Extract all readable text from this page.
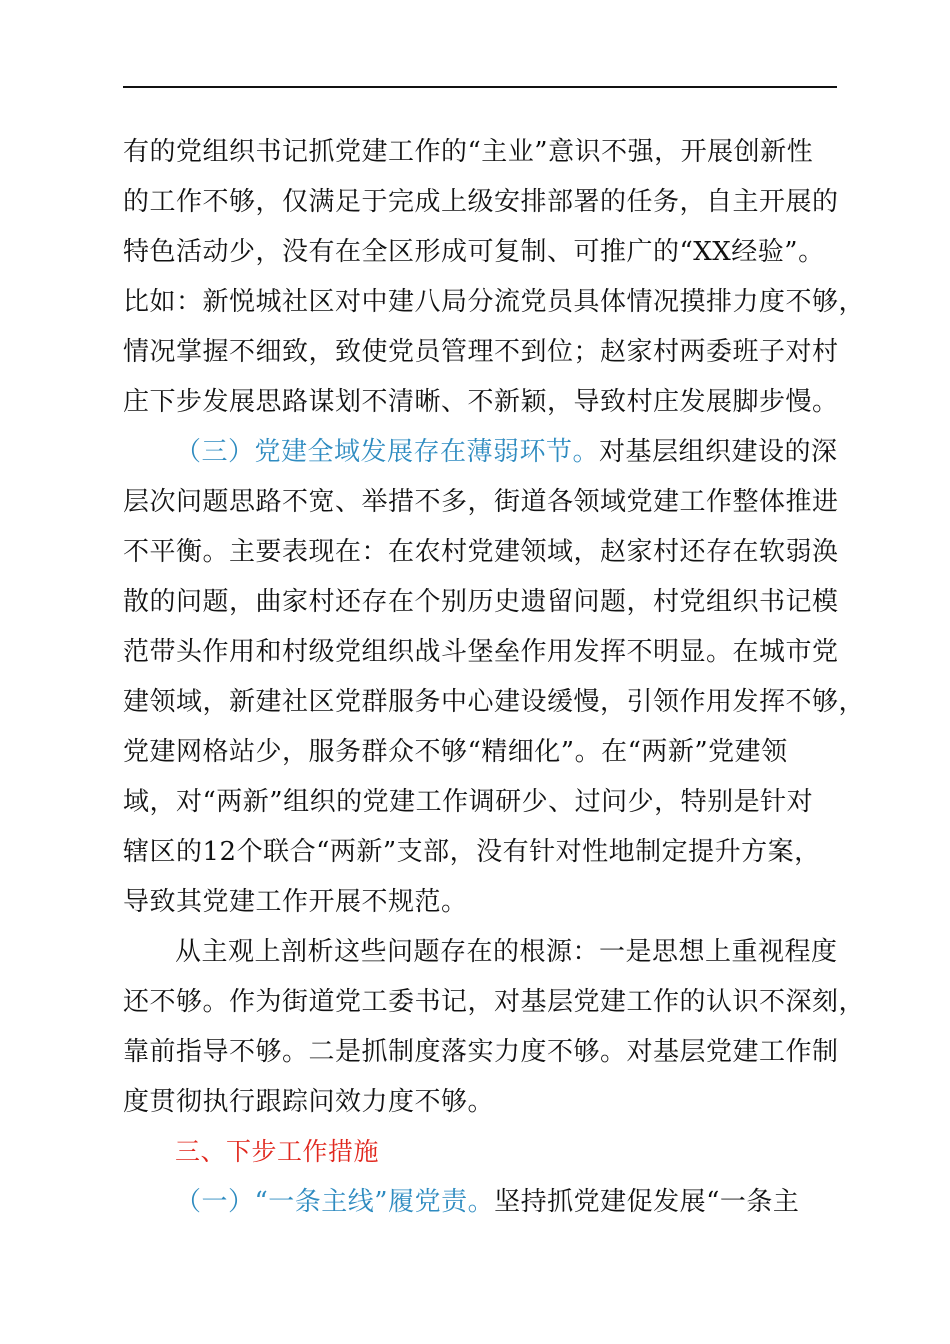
有的党组织书记抓党建工作的“主业”意识不强，开展创新性
的工作不够，仅满足于完成上级安排部署的任务，自主开展的
特色活动少，没有在全区形成可复制、可推广的“XX经验”。
比如：新悦城社区对中建八局分流党员具体情况摸排力度不够，
情况掌握不细致，致使党员管理不到位；赵家村两委班子对村
庄下步发展思路谋划不清晰、不新颖，导致村庄发展脚步慢。
（三）党建全域发展存在薄弱环节。对基层组织建设的深
层次问题思路不宽、举措不多，街道各领域党建工作整体推进
不平衡。主要表现在：在农村党建领域，赵家村还存在软弱涣
散的问题，曲家村还存在个别历史遗留问题，村党组织书记模
范带头作用和村级党组织战斗堡垒作用发挥不明显。在城市党
建领域，新建社区党群服务中心建设缓慢，引领作用发挥不够，
党建网格站少，服务群众不够“精细化”。在“两新”党建领
域，对“两新”组织的党建工作调研少、过问少，特别是针对
辖区的12个联合“两新”支部，没有针对性地制定提升方案，
导致其党建工作开展不规范。
从主观上剖析这些问题存在的根源：一是思想上重视程度
还不够。作为街道党工委书记，对基层党建工作的认识不深刻，
靠前指导不够。二是抓制度落实力度不够。对基层党建工作制
度贯彻执行跟踪问效力度不够。
三、下步工作措施
（一）“一条主线”履党责。坚持抓党建促发展“一条主
